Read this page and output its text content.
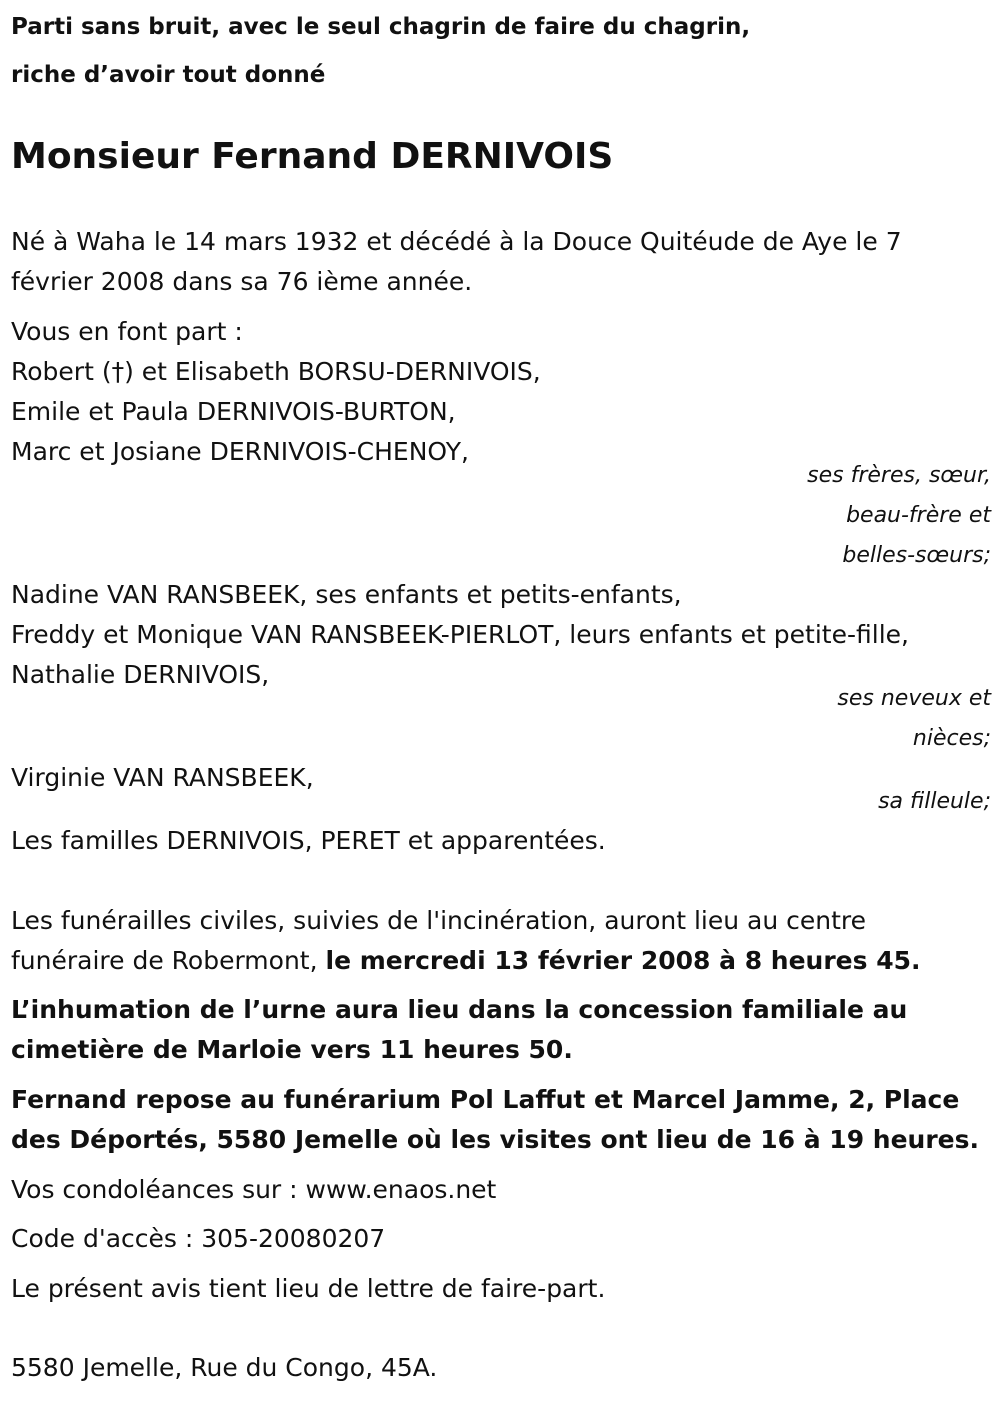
Parti sans bruit, avec le seul chagrin de faire du chagrin,
riche d’avoir tout donné
Monsieur Fernand DERNIVOIS
Né à Waha le 14 mars 1932 et décédé à la Douce Quitéude de Aye le 7
février 2008 dans sa 76 ième année.
Vous en font part :
Robert (†) et Elisabeth BORSU-DERNIVOIS,
Emile et Paula DERNIVOIS-BURTON,
Marc et Josiane DERNIVOIS-CHENOY,
ses frères, sœur,
beau-frère et
belles-sœurs;
Nadine VAN RANSBEEK, ses enfants et petits-enfants,
Freddy et Monique VAN RANSBEEK-PIERLOT, leurs enfants et petite-fille,
Nathalie DERNIVOIS,
ses neveux et
nièces;
Virginie VAN RANSBEEK,
sa filleule;
Les familles DERNIVOIS, PERET et apparentées.
Les funérailles civiles, suivies de l'incinération, auront lieu au centre
funéraire de Robermont, le mercredi 13 février 2008 à 8 heures 45.
L’inhumation de l’urne aura lieu dans la concession familiale au
cimetière de Marloie vers 11 heures 50.
Fernand repose au funérarium Pol Laffut et Marcel Jamme, 2, Place
des Déportés, 5580 Jemelle où les visites ont lieu de 16 à 19 heures.
Vos condoléances sur : www.enaos.net
Code d'accès : 305-20080207
Le présent avis tient lieu de lettre de faire-part.
5580 Jemelle, Rue du Congo, 45A.
